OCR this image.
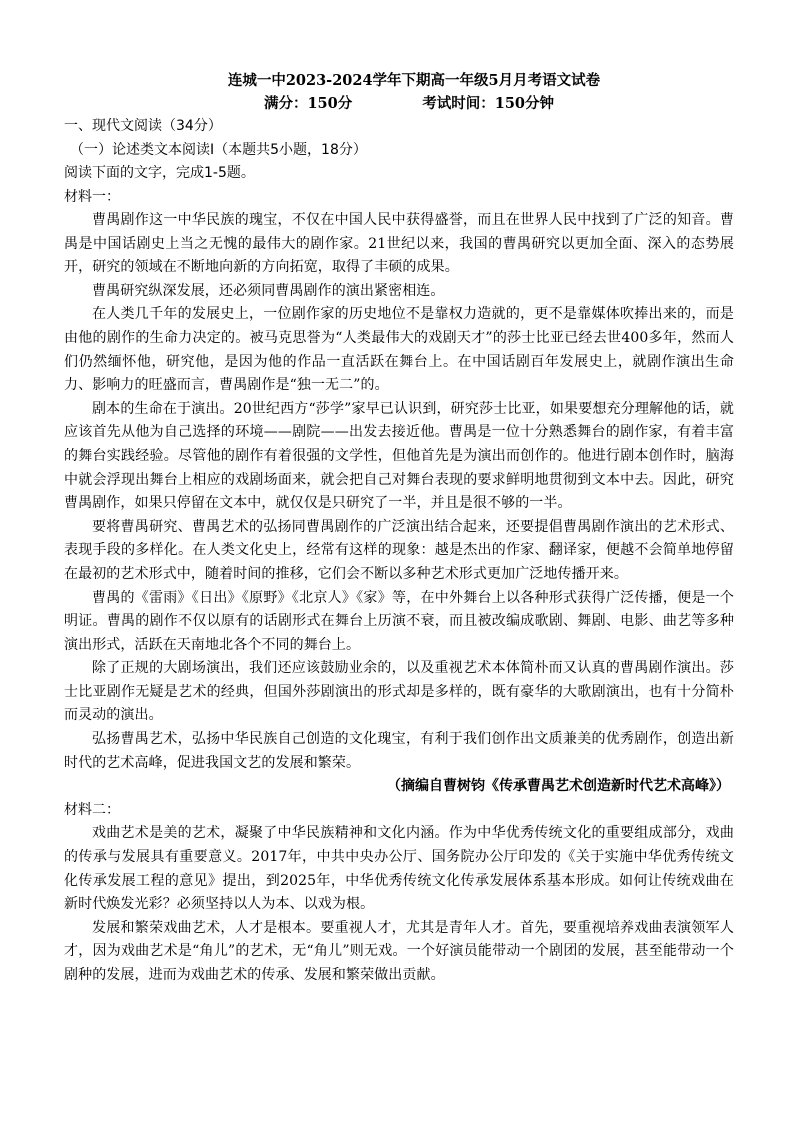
连城一中2023-2024学年下期高一年级5月月考语文试卷
满分：150分	考试时间：150分钟
一、现代文阅读（34分）
（一）论述类文本阅读Ⅰ（本题共5小题，18分）
阅读下面的文字，完成1-5题。
材料一：

曹禺剧作这一中华民族的瑰宝，不仅在中国人民中获得盛誉，而且在世界人民中找到了广泛的知音。曹禺是中国话剧史上当之无愧的最伟大的剧作家。21世纪以来，我国的曹禺研究以更加全面、深入的态势展开，研究的领域在不断地向新的方向拓宽，取得了丰硕的成果。

曹禺研究纵深发展，还必须同曹禺剧作的演出紧密相连。

在人类几千年的发展史上，一位剧作家的历史地位不是靠权力造就的，更不是靠媒体吹捧出来的，而是由他的剧作的生命力决定的。被马克思誉为“人类最伟大的戏剧天才”的莎士比亚已经去世400多年，然而人们仍然缅怀他，研究他，是因为他的作品一直活跃在舞台上。在中国话剧百年发展史上，就剧作演出生命力、影响力的旺盛而言，曹禺剧作是“独一无二”的。

剧本的生命在于演出。20世纪西方“莎学”家早已认识到，研究莎士比亚，如果要想充分理解他的话，就应该首先从他为自己选择的环境——剧院——出发去接近他。曹禺是一位十分熟悉舞台的剧作家，有着丰富的舞台实践经验。尽管他的剧作有着很强的文学性，但他首先是为演出而创作的。他进行剧本创作时，脑海中就会浮现出舞台上相应的戏剧场面来，就会把自己对舞台表现的要求鲜明地贯彻到文本中去。因此，研究曹禺剧作，如果只停留在文本中，就仅仅是只研究了一半，并且是很不够的一半。

要将曹禺研究、曹禺艺术的弘扬同曹禺剧作的广泛演出结合起来，还要提倡曹禺剧作演出的艺术形式、表现手段的多样化。在人类文化史上，经常有这样的现象：越是杰出的作家、翻译家，便越不会简单地停留在最初的艺术形式中，随着时间的推移，它们会不断以多种艺术形式更加广泛地传播开来。

曹禺的《雷雨》《日出》《原野》《北京人》《家》等，在中外舞台上以各种形式获得广泛传播，便是一个明证。曹禺的剧作不仅以原有的话剧形式在舞台上历演不衰，而且被改编成歌剧、舞剧、电影、曲艺等多种演出形式，活跃在天南地北各个不同的舞台上。

除了正规的大剧场演出，我们还应该鼓励业余的，以及重视艺术本体简朴而又认真的曹禺剧作演出。莎士比亚剧作无疑是艺术的经典，但国外莎剧演出的形式却是多样的，既有豪华的大歌剧演出，也有十分简朴而灵动的演出。

弘扬曹禺艺术，弘扬中华民族自己创造的文化瑰宝，有利于我们创作出文质兼美的优秀剧作，创造出新时代的艺术高峰，促进我国文艺的发展和繁荣。

（摘编自曹树钧《传承曹禺艺术创造新时代艺术高峰》）
材料二：

戏曲艺术是美的艺术，凝聚了中华民族精神和文化内涵。作为中华优秀传统文化的重要组成部分，戏曲的传承与发展具有重要意义。2017年，中共中央办公厅、国务院办公厅印发的《关于实施中华优秀传统文化传承发展工程的意见》提出，到2025年，中华优秀传统文化传承发展体系基本形成。如何让传统戏曲在新时代焕发光彩？必须坚持以人为本、以戏为根。

发展和繁荣戏曲艺术，人才是根本。要重视人才，尤其是青年人才。首先，要重视培养戏曲表演领军人才，因为戏曲艺术是“角儿”的艺术，无“角儿”则无戏。一个好演员能带动一个剧团的发展，甚至能带动一个剧种的发展，进而为戏曲艺术的传承、发展和繁荣做出贡献。
